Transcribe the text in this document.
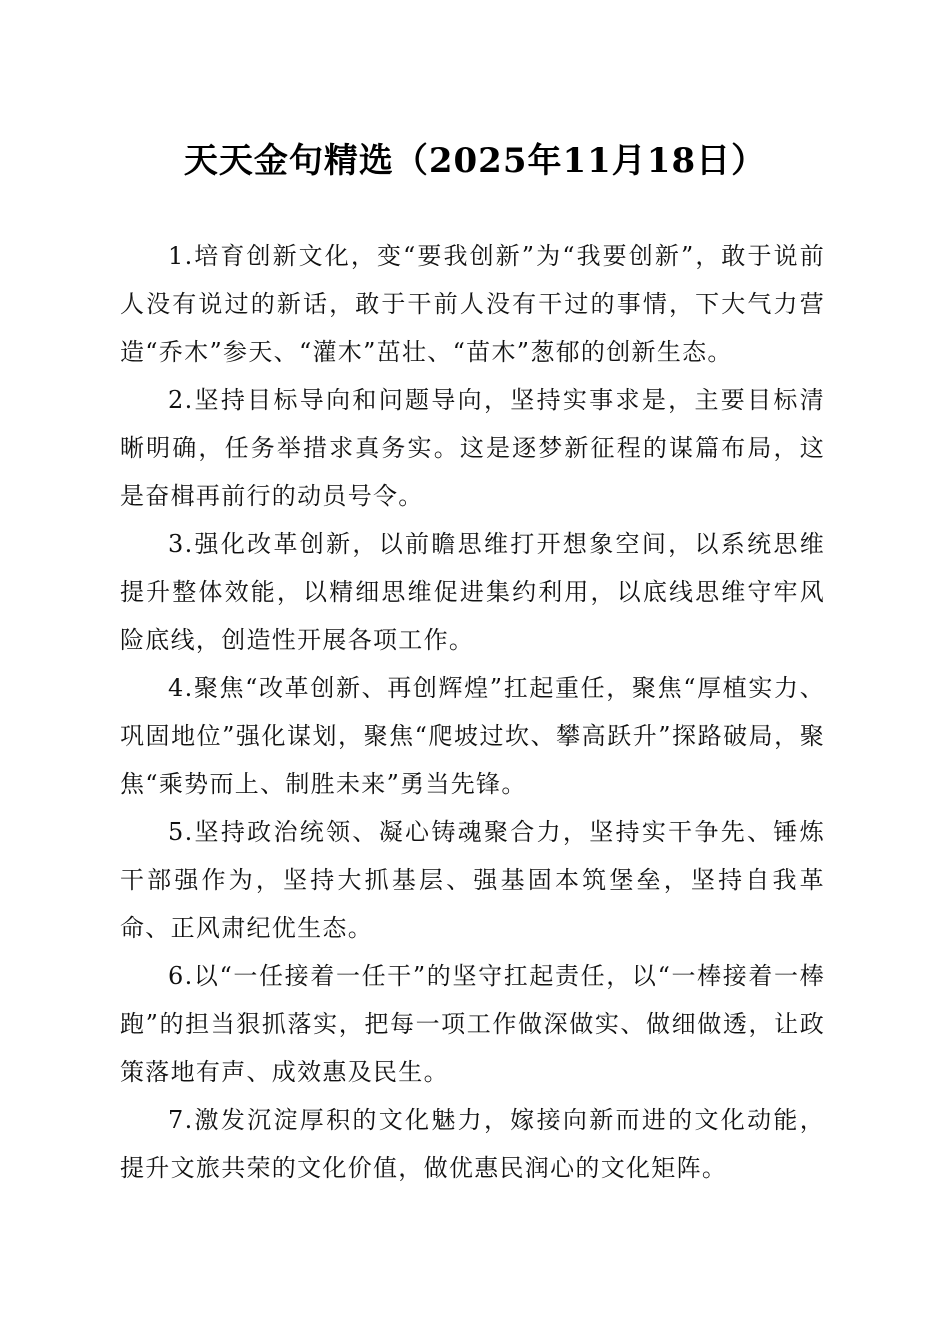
天天金句精选（2025年11月18日）

1.培育创新文化，变“要我创新”为“我要创新”，敢于说前人没有说过的新话，敢于干前人没有干过的事情，下大气力营造“乔木”参天、“灌木”茁壮、“苗木”葱郁的创新生态。

2.坚持目标导向和问题导向，坚持实事求是，主要目标清晰明确，任务举措求真务实。这是逐梦新征程的谋篇布局，这是奋楫再前行的动员号令。

3.强化改革创新，以前瞻思维打开想象空间，以系统思维提升整体效能，以精细思维促进集约利用，以底线思维守牢风险底线，创造性开展各项工作。

4.聚焦“改革创新、再创辉煌”扛起重任，聚焦“厚植实力、巩固地位”强化谋划，聚焦“爬坡过坎、攀高跃升”探路破局，聚焦“乘势而上、制胜未来”勇当先锋。

5.坚持政治统领、凝心铸魂聚合力，坚持实干争先、锤炼干部强作为，坚持大抓基层、强基固本筑堡垒，坚持自我革命、正风肃纪优生态。

6.以“一任接着一任干”的坚守扛起责任，以“一棒接着一棒跑”的担当狠抓落实，把每一项工作做深做实、做细做透，让政策落地有声、成效惠及民生。

7.激发沉淀厚积的文化魅力，嫁接向新而进的文化动能，提升文旅共荣的文化价值，做优惠民润心的文化矩阵。
